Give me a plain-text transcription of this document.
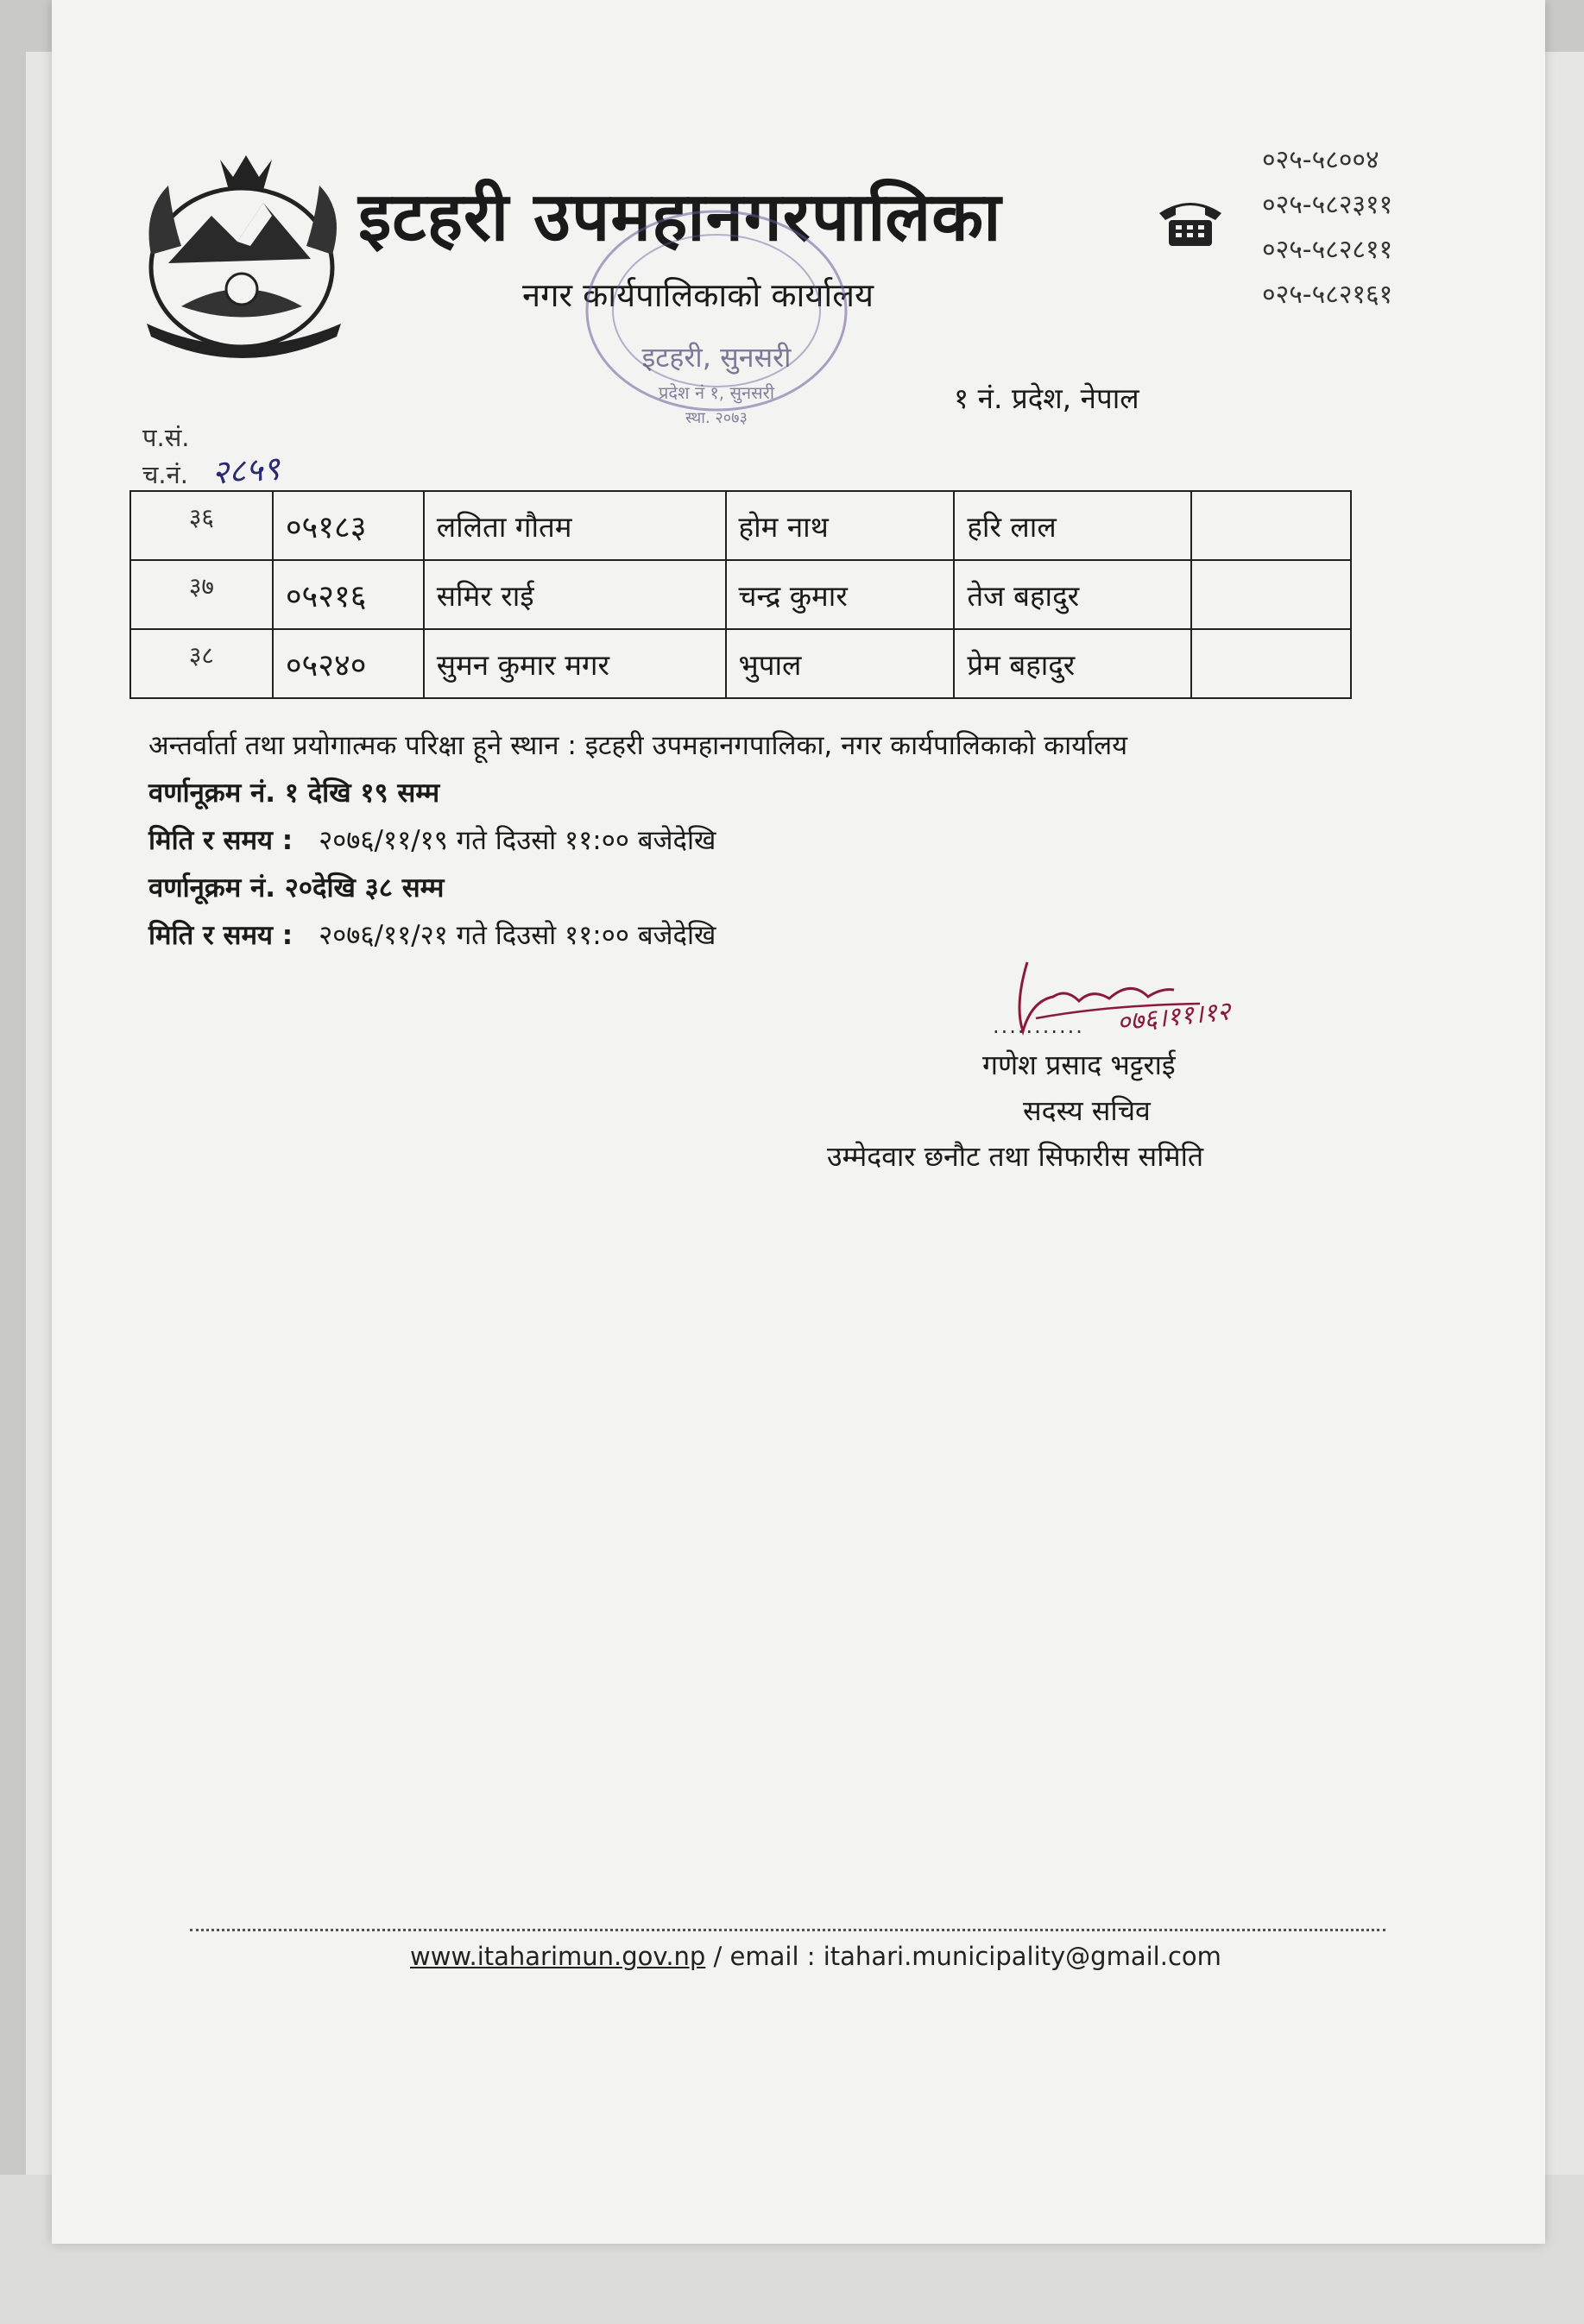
इटहरी उपमहानगरपालिका
नगर कार्यपालिकाको कार्यालय
०२५-५८००४
०२५-५८२३११
०२५-५८२८११
०२५-५८२१६१
इटहरी, सुनसरी
प्रदेश नं १, सुनसरी
स्था. २०७३
१ नं. प्रदेश, नेपाल
प.सं.
च.नं. २८५९
३६	०५१८३	ललिता गौतम	होम नाथ	हरि लाल	
३७	०५२१६	समिर राई	चन्द्र कुमार	तेज बहादुर	
३८	०५२४०	सुमन कुमार मगर	भुपाल	प्रेम बहादुर	
अन्तर्वार्ता तथा प्रयोगात्मक परिक्षा हूने स्थान : इटहरी उपमहानगपालिका, नगर कार्यपालिकाको कार्यालय
वर्णानूक्रम नं. १ देखि १९ सम्म
मिति र समय : २०७६/११/१९ गते दिउसो ११:०० बजेदेखि
वर्णानूक्रम नं. २०देखि ३८ सम्म
मिति र समय : २०७६/११/२१ गते दिउसो ११:०० बजेदेखि
०७६।११।१२
...........
गणेश प्रसाद भट्टराई
सदस्य सचिव
उम्मेदवार छनौट तथा सिफारीस समिति
www.itaharimun.gov.np / email : itahari.municipality@gmail.com
